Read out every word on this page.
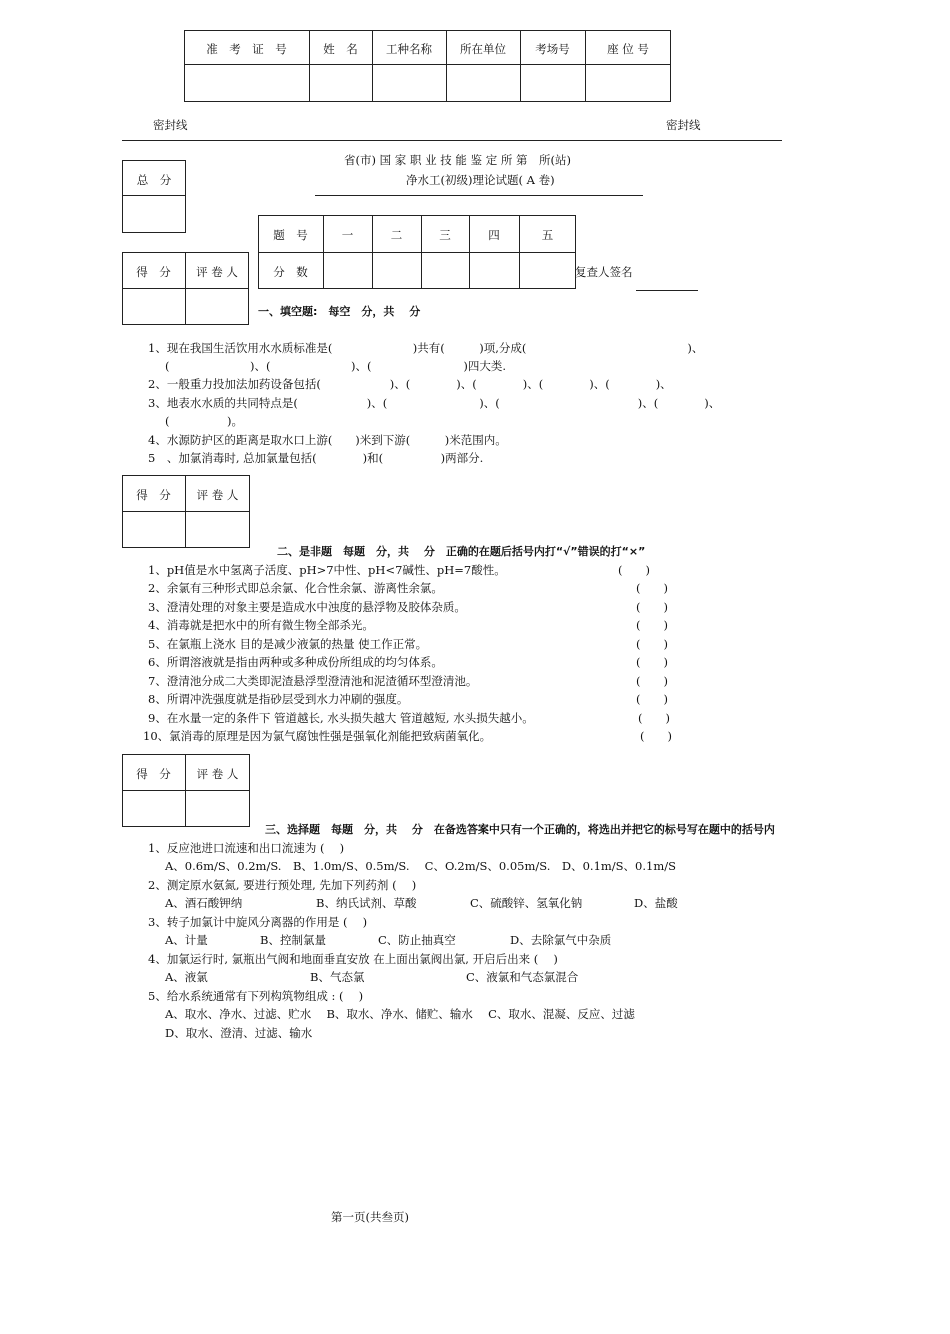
准　考　证　号	姓　名	工种名称	所在单位	考场号	座 位 号
密封线	密封线
总　分
省(市) 国 家 职 业 技 能 鉴 定 所 第　所(站)
净水工(初级)理论试题( A 卷)
题　号	一	二	三	四	五
分　数	复查人签名
得　分	评 卷 人
一、填空题:　每空　分，共　 分
1、现在我国生活饮用水水质标准是(　　　　　　　)共有(　　　)项,分成(　　　　　　　　　　　　　　)、
(　　　　　　　)、(　　　　　　　)、(　　　　　　　　)四大类.
2、一般重力投加法加药设备包括(　　　　　　)、(　　　　)、(　　　　)、(　　　　)、(　　　　)、
3、地表水水质的共同特点是(　　　　　　)、(　　　　　　　　)、(　　　　　　　　　　　　)、(　　　　)、
(　　　　　)。
4、水源防护区的距离是取水口上游(　　)米到下游(　　　)米范围内。
5　、加氯消毒时, 总加氯量包括(　　　　)和(　　　　　)两部分.
得　分	评 卷 人
二、是非题　每题　分，共　 分　正确的在题后括号内打“√”错误的打“×”
1、pH值是水中氢离子活度、pH>7中性、pH<7碱性、pH=7酸性。	(　　)
2、余氯有三种形式即总余氯、化合性余氯、游离性余氯。	(　　)
3、澄清处理的对象主要是造成水中浊度的悬浮物及胶体杂质。	(　　)
4、消毒就是把水中的所有微生物全部杀光。	(　　)
5、在氯瓶上浇水 目的是减少液氯的热量 使工作正常。	(　　)
6、所谓溶液就是指由两种或多种成份所组成的均匀体系。	(　　)
7、澄清池分成二大类即泥渣悬浮型澄清池和泥渣循环型澄清池。	(　　)
8、所谓冲洗强度就是指砂层受到水力冲刷的强度。	(　　)
9、在水量一定的条件下 管道越长, 水头损失越大 管道越短, 水头损失越小。	(　　)
10、氯消毒的原理是因为氯气腐蚀性强是强氧化剂能把致病菌氧化。	(　　)
得　分	评 卷 人
三、选择题　每题　分，共　 分　在备选答案中只有一个正确的，将选出并把它的标号写在题中的括号内
1、反应池进口流速和出口流速为 (　 )
A、0.6m/S、0.2m/S.　B、1.0m/S、0.5m/S.　 C、O.2m/S、0.05m/S.　D、0.1m/S、0.1m/S
2、测定原水氨氮, 要进行预处理, 先加下列药剂 (　 )
A、酒石酸钾纳	B、纳氏试剂、草酸	C、硫酸锌、氢氧化钠	D、盐酸
3、转子加氯计中旋风分离器的作用是 (　 )
A、计量	B、控制氯量	C、防止抽真空	D、去除氯气中杂质
4、加氯运行时, 氯瓶出气阀和地面垂直安放 在上面出氯阀出氯, 开启后出来 (　 )
A、液氯	B、气态氯	C、液氯和气态氯混合
5、给水系统通常有下列构筑物组成 : (　 )
A、取水、净水、过滤、贮水　 B、取水、净水、储贮、输水　 C、取水、混凝、反应、过滤
D、取水、澄清、过滤、输水
第一页(共叁页)
